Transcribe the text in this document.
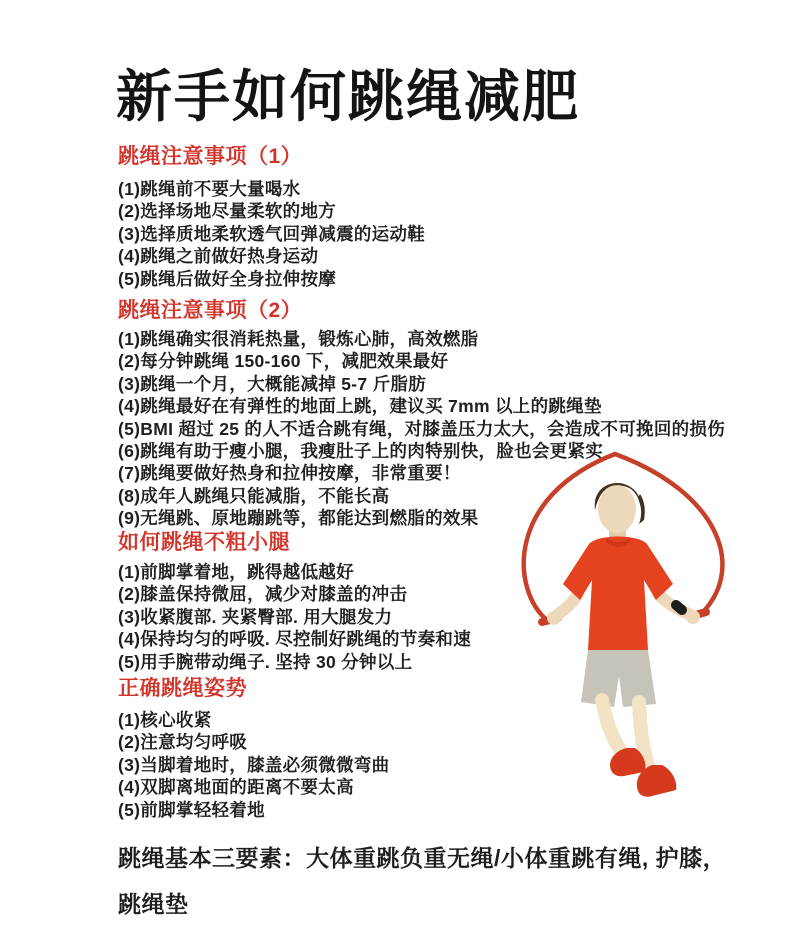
新手如何跳绳减肥
跳绳注意事项（1）
(1)跳绳前不要大量喝水
(2)选择场地尽量柔软的地方
(3)选择质地柔软透气回弹减震的运动鞋
(4)跳绳之前做好热身运动
(5)跳绳后做好全身拉伸按摩
跳绳注意事项（2）
(1)跳绳确实很消耗热量，锻炼心肺，高效燃脂
(2)每分钟跳绳 150-160 下，减肥效果最好
(3)跳绳一个月，大概能减掉 5-7 斤脂肪
(4)跳绳最好在有弹性的地面上跳，建议买 7mm 以上的跳绳垫
(5)BMI 超过 25 的人不适合跳有绳，对膝盖压力太大，会造成不可挽回的损伤
(6)跳绳有助于瘦小腿，我瘦肚子上的肉特别快，脸也会更紧实
(7)跳绳要做好热身和拉伸按摩，非常重要！
(8)成年人跳绳只能减脂，不能长高
(9)无绳跳、原地蹦跳等，都能达到燃脂的效果
如何跳绳不粗小腿
(1)前脚掌着地，跳得越低越好
(2)膝盖保持微屈，减少对膝盖的冲击
(3)收紧腹部. 夹紧臀部. 用大腿发力
(4)保持均匀的呼吸. 尽控制好跳绳的节奏和速
(5)用手腕带动绳子. 坚持 30 分钟以上
正确跳绳姿势
(1)核心收紧
(2)注意均匀呼吸
(3)当脚着地时，膝盖必须微微弯曲
(4)双脚离地面的距离不要太高
(5)前脚掌轻轻着地
跳绳基本三要素：大体重跳负重无绳/小体重跳有绳, 护膝，
跳绳垫
